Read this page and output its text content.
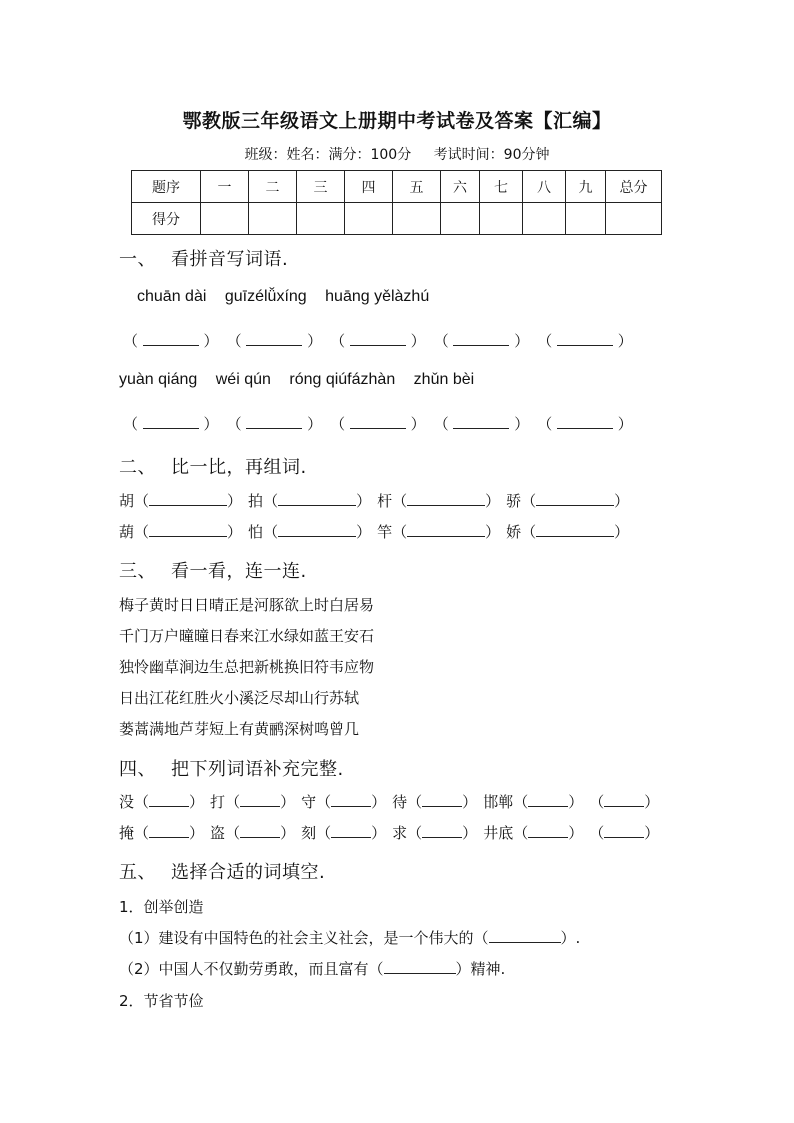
鄂教版三年级语文上册期中考试卷及答案【汇编】
班级：姓名：满分：100分 考试时间：90分钟
题序	一	二	三	四	五	六	七	八	九	总分
得分										
一、 看拼音写词语.
chuān dài guīzélǚxíng huāng yělàzhú
（	） （	） （	） （	） （	）
yuàn qiáng wéi qún róng qiúfázhàn zhǔn bèi
（	） （	） （	） （	） （	）
二、 比一比，再组词.
胡（	） 拍（	） 杆（	） 骄（	）
葫（	） 怕（	） 竿（	） 娇（	）
三、 看一看，连一连.
梅子黄时日日晴正是河豚欲上时白居易
千门万户曈曈日春来江水绿如蓝王安石
独怜幽草涧边生总把新桃换旧符韦应物
日出江花红胜火小溪泛尽却山行苏轼
蒌蒿满地芦芽短上有黄鹂深树鸣曾几
四、 把下列词语补充完整.
没（	） 打（	） 守（	） 待（	） 邯郸（	） （	）
掩（	） 盗（	） 刻（	） 求（	） 井底（	） （	）
五、 选择合适的词填空.
1．创举创造
（1）建设有中国特色的社会主义社会，是一个伟大的（	）.
（2）中国人不仅勤劳勇敢，而且富有（	）精神.
2．节省节俭
